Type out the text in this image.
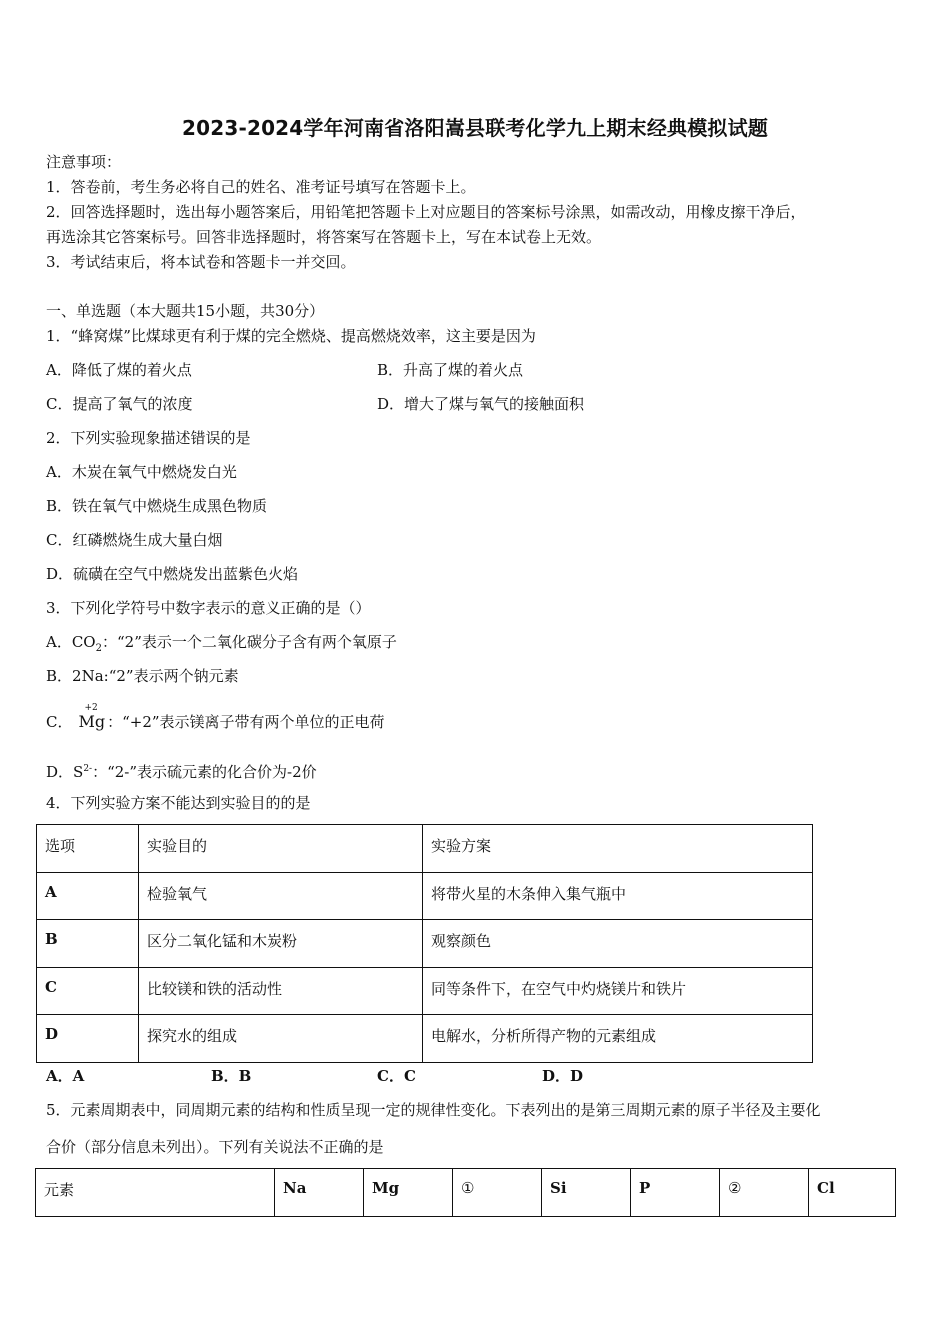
2023-2024学年河南省洛阳嵩县联考化学九上期末经典模拟试题
注意事项：
1．答卷前，考生务必将自己的姓名、准考证号填写在答题卡上。
2．回答选择题时，选出每小题答案后，用铅笔把答题卡上对应题目的答案标号涂黑，如需改动，用橡皮擦干净后，
再选涂其它答案标号。回答非选择题时，将答案写在答题卡上，写在本试卷上无效。
3．考试结束后，将本试卷和答题卡一并交回。
一、单选题（本大题共15小题，共30分）
1．“蜂窝煤”比煤球更有利于煤的完全燃烧、提高燃烧效率，这主要是因为
A．降低了煤的着火点	B．升高了煤的着火点
C．提高了氧气的浓度	D．增大了煤与氧气的接触面积
2．下列实验现象描述错误的是
A．木炭在氧气中燃烧发白光
B．铁在氧气中燃烧生成黑色物质
C．红磷燃烧生成大量白烟
D．硫磺在空气中燃烧发出蓝紫色火焰
3．下列化学符号中数字表示的意义正确的是（）
A．$CO_2$：“2”表示一个二氧化碳分子含有两个氧原子
B．2Na:“2”表示两个钠元素
C．
+2
Mg ：“+2”表示镁离子带有两个单位的正电荷
D．$S^{2-}$：“2-”表示硫元素的化合价为-2价
4．下列实验方案不能达到实验目的的是
选项	实验目的	实验方案
A	检验氧气	将带火星的木条伸入集气瓶中
B	区分二氧化锰和木炭粉	观察颜色
C	比较镁和铁的活动性	同等条件下，在空气中灼烧镁片和铁片
D	探究水的组成	电解水，分析所得产物的元素组成
A．A	B．B	C．C	D．D
5．元素周期表中，同周期元素的结构和性质呈现一定的规律性变化。下表列出的是第三周期元素的原子半径及主要化
合价（部分信息未列出）。下列有关说法不正确的是
元素	Na	Mg	①	Si	P	②	Cl
